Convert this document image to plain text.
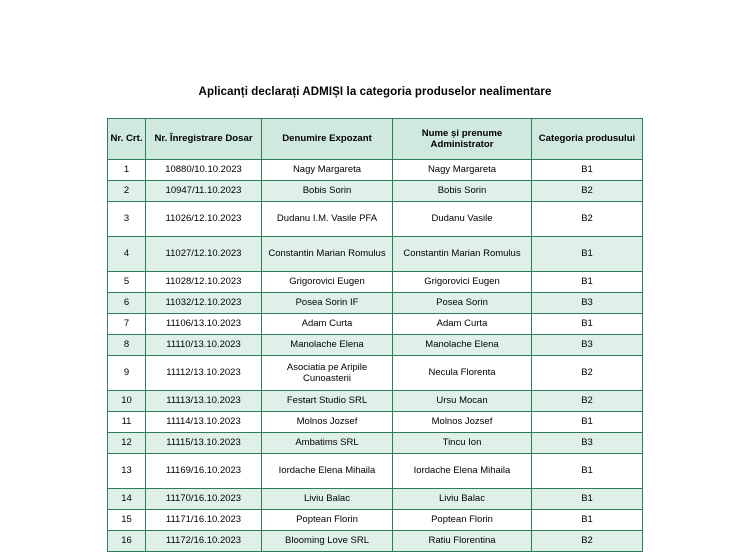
Aplicanți declarați ADMIȘI la categoria produselor nealimentare
Nr. Crt.	Nr. Înregistrare Dosar	Denumire Expozant	Nume și prenume Administrator	Categoria produsului
1	10880/10.10.2023	Nagy Margareta	Nagy Margareta	B1
2	10947/11.10.2023	Bobis Sorin	Bobis Sorin	B2
3	11026/12.10.2023	Dudanu I.M. Vasile PFA	Dudanu Vasile	B2
4	11027/12.10.2023	Constantin Marian Romulus	Constantin Marian Romulus	B1
5	11028/12.10.2023	Grigorovici Eugen	Grigorovici Eugen	B1
6	11032/12.10.2023	Posea Sorin IF	Posea Sorin	B3
7	11106/13.10.2023	Adam Curta	Adam Curta	B1
8	11110/13.10.2023	Manolache Elena	Manolache Elena	B3
9	11112/13.10.2023	Asociatia pe Aripile Cunoasterii	Necula Florenta	B2
10	11113/13.10.2023	Festart Studio SRL	Ursu Mocan	B2
11	11114/13.10.2023	Molnos Jozsef	Molnos Jozsef	B1
12	11115/13.10.2023	Ambatims SRL	Tincu Ion	B3
13	11169/16.10.2023	Iordache Elena Mihaila	Iordache Elena Mihaila	B1
14	11170/16.10.2023	Liviu Balac	Liviu Balac	B1
15	11171/16.10.2023	Poptean Florin	Poptean Florin	B1
16	11172/16.10.2023	Blooming Love SRL	Ratiu Florentina	B2
